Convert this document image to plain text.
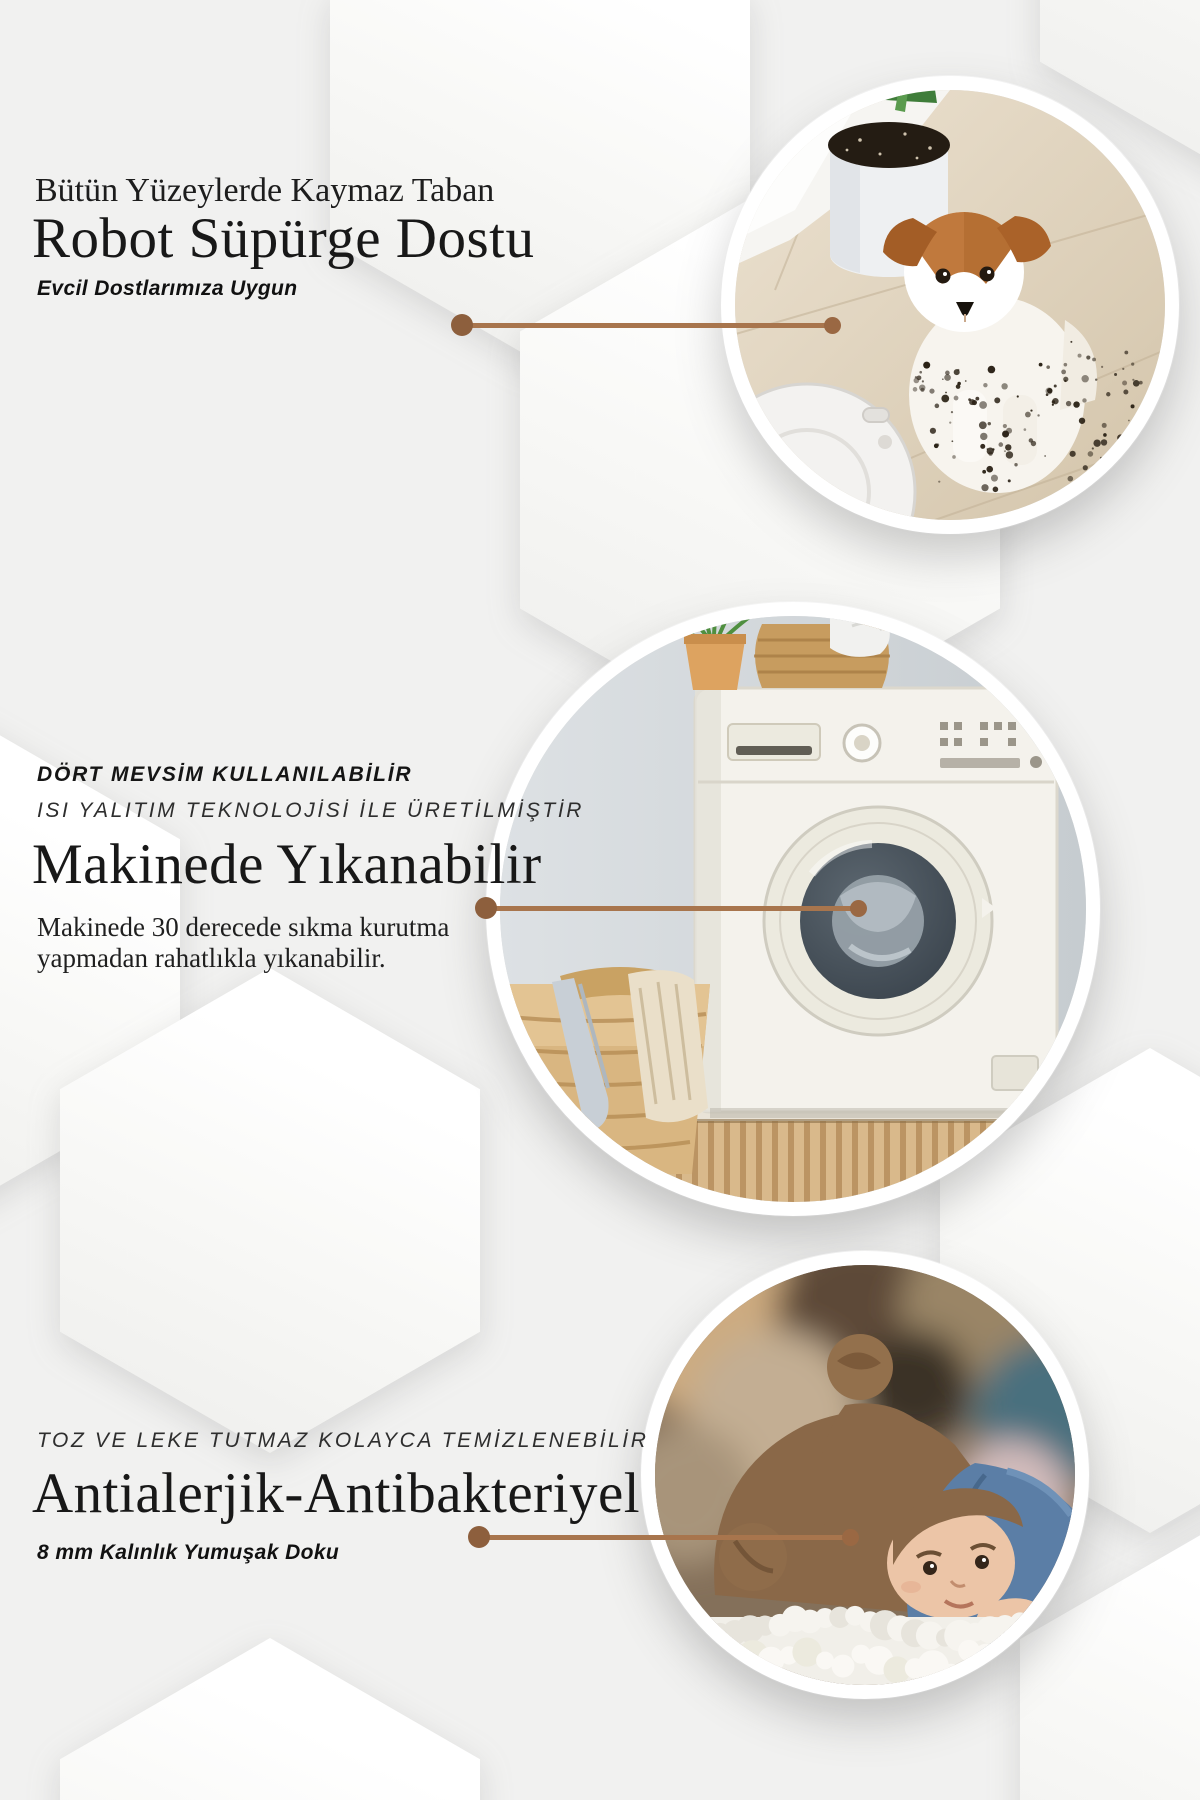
Bütün Yüzeylerde Kaymaz Taban
Robot Süpürge Dostu
Evcil Dostlarımıza Uygun
DÖRT MEVSİM KULLANILABİLİR
ISI YALITIM TEKNOLOJİSİ İLE ÜRETİLMİŞTİR
Makinede Yıkanabilir
Makinede 30 derecede sıkma kurutma
yapmadan rahatlıkla yıkanabilir.
TOZ VE LEKE TUTMAZ KOLAYCA TEMİZLENEBİLİR
Antialerjik-Antibakteriyel
8 mm Kalınlık Yumuşak Doku
